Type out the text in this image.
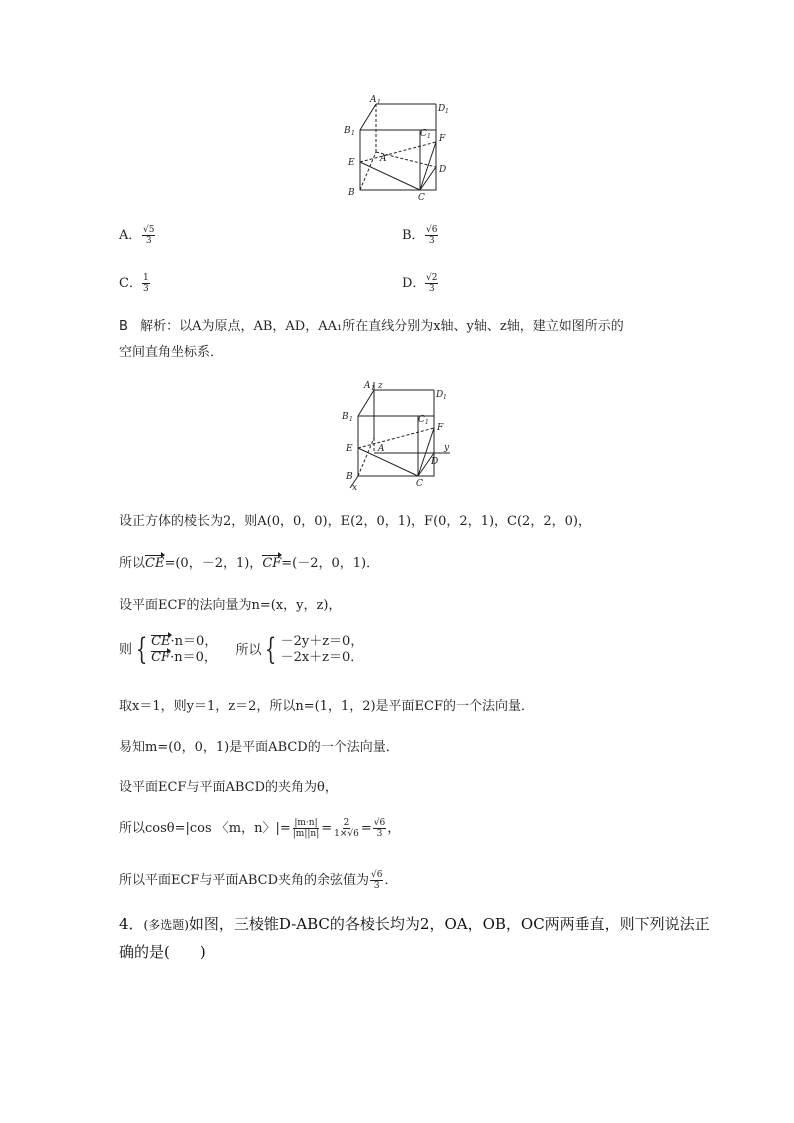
A 1
D 1
B 1	C 1 F
E	A
D
B	C
A． $\frac{√5}{3}$	B． $\frac{√6}{3}$
C． $\frac{1}{3}$	D． $\frac{√2}{3}$
B 解析：以A为原点，AB，AD，AA₁所在直线分别为x轴、y轴、z轴，建立如图所示的
空间直角坐标系．
z
y
x
A 1
D 1
B 1	C 1
F
E	A
D
B
C
设正方体的棱长为2，则A(0，0，0)，E(2，0，1)，F(0，2，1)，C(2，2，0)，
所以CE=(0，－2，1)，CF=(－2，0，1)．
设平面ECF的法向量为n=(x，y，z)，
则 { CE·n＝0，
CF·n＝0， 所以 { －2y＋z＝0，
－2x＋z＝0．
取x＝1，则y＝1，z＝2，所以n=(1，1，2)是平面ECF的一个法向量．
易知m=(0，0，1)是平面ABCD的一个法向量．
设平面ECF与平面ABCD的夹角为θ，
所以cosθ=|cos 〈m，n〉|= $\frac{|m\cdot n|}{|m||n|} = \frac{2}{1\times√6} = \frac{√6}{3}$ ，
所以平面ECF与平面ABCD夹角的余弦值为 $\frac{√6}{3}$ ．
4．(多选题)如图，三棱锥D-ABC的各棱长均为2，OA，OB，OC两两垂直，则下列说法正
确的是(　　)
